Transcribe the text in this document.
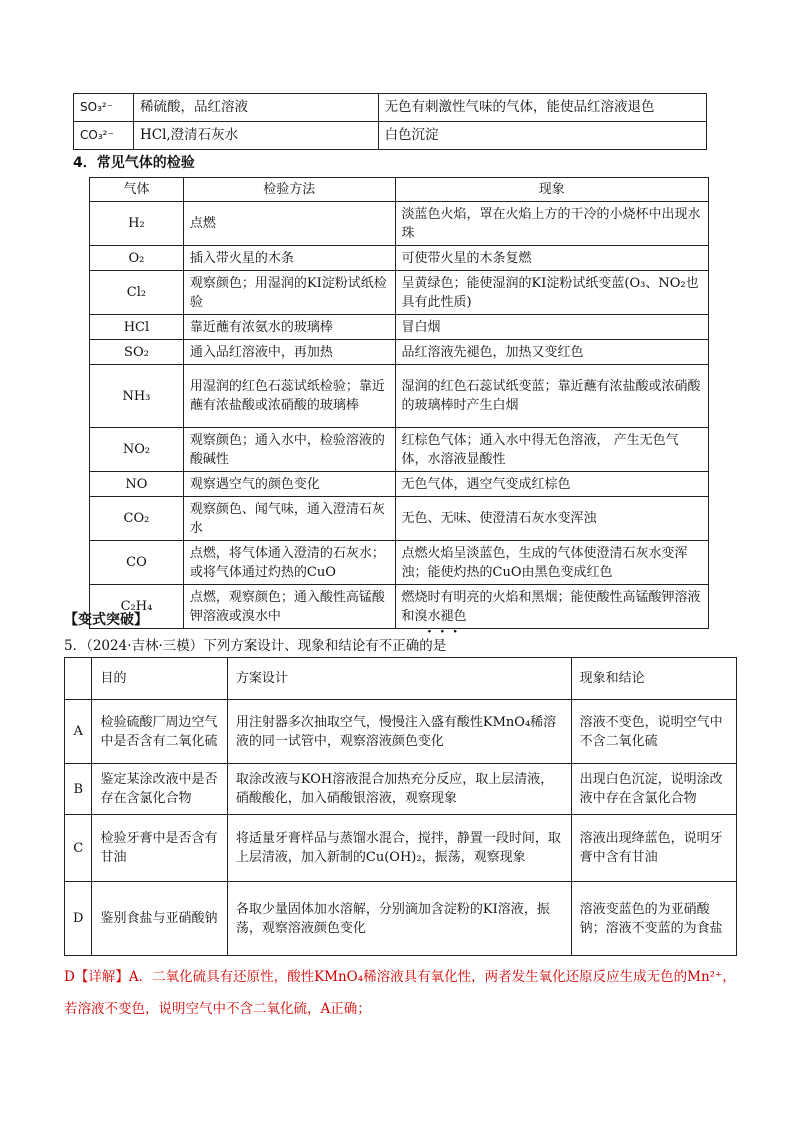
SO₃²⁻	稀硫酸，品红溶液	无色有刺激性气味的气体，能使品红溶液退色
CO₃²⁻	HCl,澄清石灰水	白色沉淀
4．常见气体的检验
气体	检验方法	现象
H₂	点燃	淡蓝色火焰，罩在火焰上方的干冷的小烧杯中出现水珠
O₂	插入带火星的木条	可使带火星的木条复燃
Cl₂	观察颜色；用湿润的KI淀粉试纸检验	呈黄绿色；能使湿润的KI淀粉试纸变蓝(O₃、NO₂也具有此性质)
HCl	靠近蘸有浓氨水的玻璃棒	冒白烟
SO₂	通入品红溶液中，再加热	品红溶液先褪色，加热又变红色
NH₃	用湿润的红色石蕊试纸检验；靠近蘸有浓盐酸或浓硝酸的玻璃棒	湿润的红色石蕊试纸变蓝；靠近蘸有浓盐酸或浓硝酸的玻璃棒时产生白烟
NO₂	观察颜色；通入水中，检验溶液的酸碱性	红棕色气体；通入水中得无色溶液， 产生无色气体，水溶液显酸性
NO	观察遇空气的颜色变化	无色气体，遇空气变成红棕色
CO₂	观察颜色、闻气味，通入澄清石灰水	无色、无味、使澄清石灰水变浑浊
CO	点燃，将气体通入澄清的石灰水；或将气体通过灼热的CuO	点燃火焰呈淡蓝色，生成的气体使澄清石灰水变浑浊；能使灼热的CuO由黑色变成红色
C₂H₄	点燃，观察颜色；通入酸性高锰酸钾溶液或溴水中	燃烧时有明亮的火焰和黑烟；能使酸性高锰酸钾溶液和溴水褪色
【变式突破】
···
5．（2024·吉林·三模）下列方案设计、现象和结论有不正确的是
	目的	方案设计	现象和结论
A	检验硫酸厂周边空气中是否含有二氧化硫	用注射器多次抽取空气，慢慢注入盛有酸性KMnO₄稀溶液的同一试管中，观察溶液颜色变化	溶液不变色，说明空气中不含二氧化硫
B	鉴定某涂改液中是否存在含氯化合物	取涂改液与KOH溶液混合加热充分反应，取上层清液，硝酸酸化，加入硝酸银溶液，观察现象	出现白色沉淀，说明涂改液中存在含氯化合物
C	检验牙膏中是否含有甘油	将适量牙膏样品与蒸馏水混合，搅拌，静置一段时间，取上层清液，加入新制的Cu(OH)₂，振荡，观察现象	溶液出现绛蓝色，说明牙膏中含有甘油
D	鉴别食盐与亚硝酸钠	各取少量固体加水溶解，分别滴加含淀粉的KI溶液，振荡，观察溶液颜色变化	溶液变蓝色的为亚硝酸钠；溶液不变蓝的为食盐
D【详解】A．二氧化硫具有还原性，酸性KMnO₄稀溶液具有氧化性，两者发生氧化还原反应生成无色的Mn²⁺，若溶液不变色，说明空气中不含二氧化硫，A正确；
